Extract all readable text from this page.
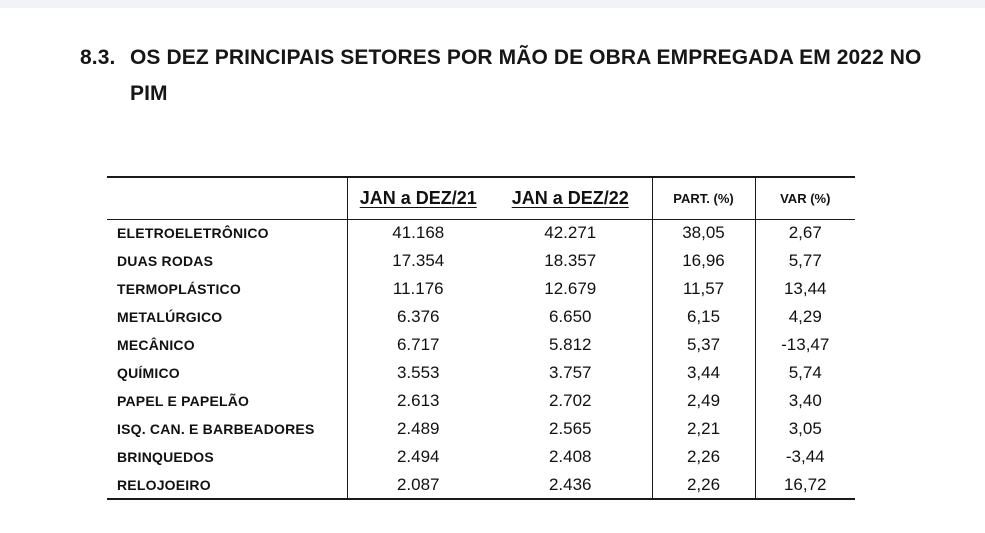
8.3. OS DEZ PRINCIPAIS SETORES POR MÃO DE OBRA EMPREGADA EM 2022 NO
PIM
	JAN a DEZ/21	JAN a DEZ/22	PART. (%)	VAR (%)
ELETROELETRÔNICO	41.168	42.271	38,05	2,67
DUAS RODAS	17.354	18.357	16,96	5,77
TERMOPLÁSTICO	11.176	12.679	11,57	13,44
METALÚRGICO	6.376	6.650	6,15	4,29
MECÂNICO	6.717	5.812	5,37	-13,47
QUÍMICO	3.553	3.757	3,44	5,74
PAPEL E PAPELÃO	2.613	2.702	2,49	3,40
ISQ. CAN. E BARBEADORES	2.489	2.565	2,21	3,05
BRINQUEDOS	2.494	2.408	2,26	-3,44
RELOJOEIRO	2.087	2.436	2,26	16,72
